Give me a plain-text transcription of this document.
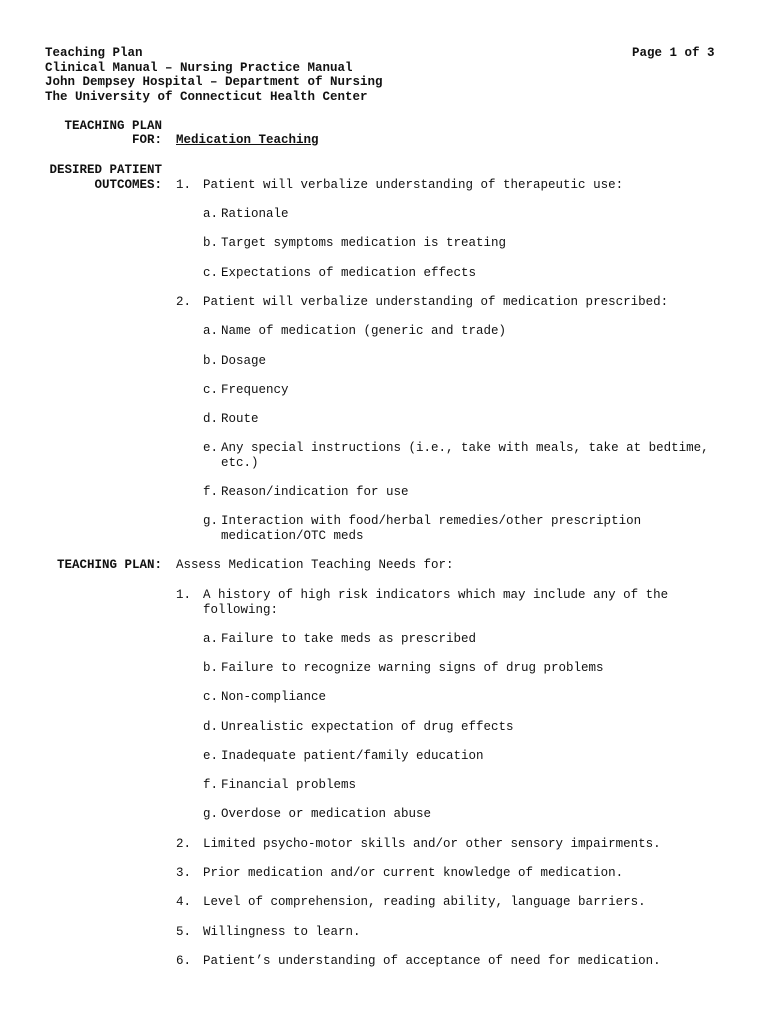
Teaching Plan
Clinical Manual – Nursing Practice Manual
John Dempsey Hospital – Department of Nursing
The University of Connecticut Health Center
Page 1 of 3
TEACHING PLAN
FOR: Medication Teaching
DESIRED PATIENT
OUTCOMES: 1. Patient will verbalize understanding of therapeutic use:
a. Rationale
b. Target symptoms medication is treating
c. Expectations of medication effects
2. Patient will verbalize understanding of medication prescribed:
a. Name of medication (generic and trade)
b. Dosage
c. Frequency
d. Route
e. Any special instructions (i.e., take with meals, take at bedtime, etc.)
f. Reason/indication for use
g. Interaction with food/herbal remedies/other prescription medication/OTC meds
TEACHING PLAN: Assess Medication Teaching Needs for:
1. A history of high risk indicators which may include any of the following:
a. Failure to take meds as prescribed
b. Failure to recognize warning signs of drug problems
c. Non-compliance
d. Unrealistic expectation of drug effects
e. Inadequate patient/family education
f. Financial problems
g. Overdose or medication abuse
2. Limited psycho-motor skills and/or other sensory impairments.
3. Prior medication and/or current knowledge of medication.
4. Level of comprehension, reading ability, language barriers.
5. Willingness to learn.
6. Patient’s understanding of acceptance of need for medication.
